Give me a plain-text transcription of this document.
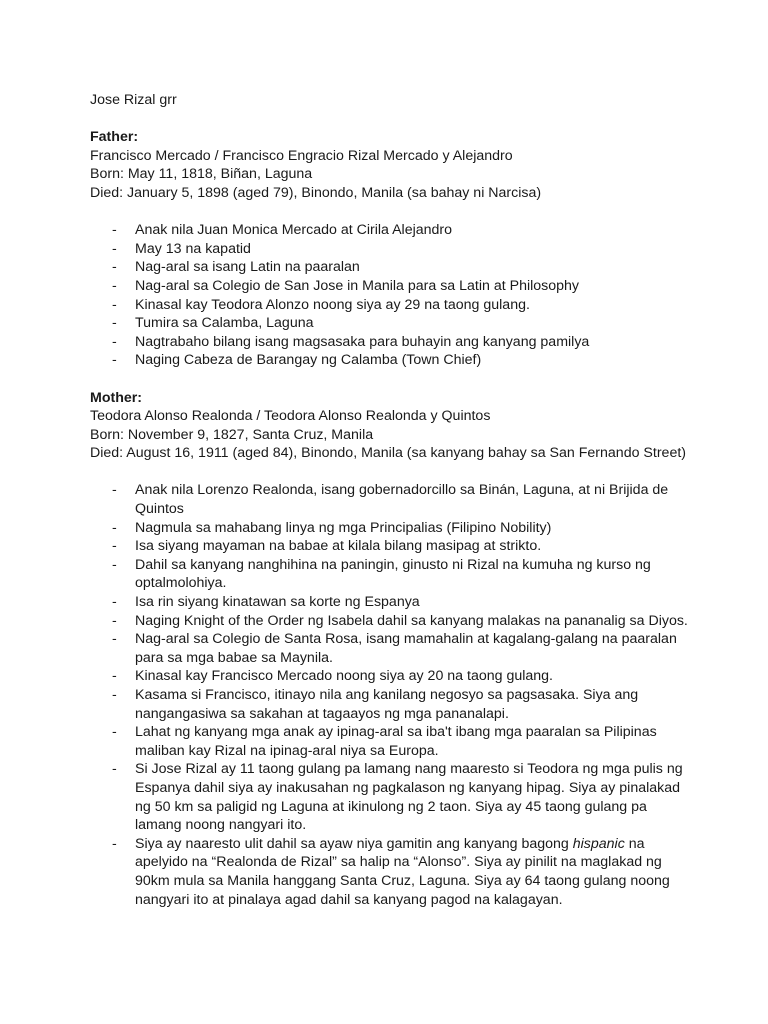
Jose Rizal grr
Father:
Francisco Mercado / Francisco Engracio Rizal Mercado y Alejandro
Born: May 11, 1818, Biñan, Laguna
Died: January 5, 1898 (aged 79), Binondo, Manila (sa bahay ni Narcisa)
- Anak nila Juan Monica Mercado at Cirila Alejandro
- May 13 na kapatid
- Nag-aral sa isang Latin na paaralan
- Nag-aral sa Colegio de San Jose in Manila para sa Latin at Philosophy
- Kinasal kay Teodora Alonzo noong siya ay 29 na taong gulang.
- Tumira sa Calamba, Laguna
- Nagtrabaho bilang isang magsasaka para buhayin ang kanyang pamilya
- Naging Cabeza de Barangay ng Calamba (Town Chief)
Mother:
Teodora Alonso Realonda / Teodora Alonso Realonda y Quintos
Born: November 9, 1827, Santa Cruz, Manila
Died: August 16, 1911 (aged 84), Binondo, Manila (sa kanyang bahay sa San Fernando Street)
- Anak nila Lorenzo Realonda, isang gobernadorcillo sa Binán, Laguna, at ni Brijida de
Quintos
- Nagmula sa mahabang linya ng mga Principalias (Filipino Nobility)
- Isa siyang mayaman na babae at kilala bilang masipag at strikto.
- Dahil sa kanyang nanghihina na paningin, ginusto ni Rizal na kumuha ng kurso ng
optalmolohiya.
- Isa rin siyang kinatawan sa korte ng Espanya
- Naging Knight of the Order ng Isabela dahil sa kanyang malakas na pananalig sa Diyos.
- Nag-aral sa Colegio de Santa Rosa, isang mamahalin at kagalang-galang na paaralan
para sa mga babae sa Maynila.
- Kinasal kay Francisco Mercado noong siya ay 20 na taong gulang.
- Kasama si Francisco, itinayo nila ang kanilang negosyo sa pagsasaka. Siya ang
nangangasiwa sa sakahan at tagaayos ng mga pananalapi.
- Lahat ng kanyang mga anak ay ipinag-aral sa iba't ibang mga paaralan sa Pilipinas
maliban kay Rizal na ipinag-aral niya sa Europa.
- Si Jose Rizal ay 11 taong gulang pa lamang nang maaresto si Teodora ng mga pulis ng
Espanya dahil siya ay inakusahan ng pagkalason ng kanyang hipag. Siya ay pinalakad
ng 50 km sa paligid ng Laguna at ikinulong ng 2 taon. Siya ay 45 taong gulang pa
lamang noong nangyari ito.
- Siya ay naaresto ulit dahil sa ayaw niya gamitin ang kanyang bagong hispanic na
apelyido na “Realonda de Rizal” sa halip na “Alonso”. Siya ay pinilit na maglakad ng
90km mula sa Manila hanggang Santa Cruz, Laguna. Siya ay 64 taong gulang noong
nangyari ito at pinalaya agad dahil sa kanyang pagod na kalagayan.
